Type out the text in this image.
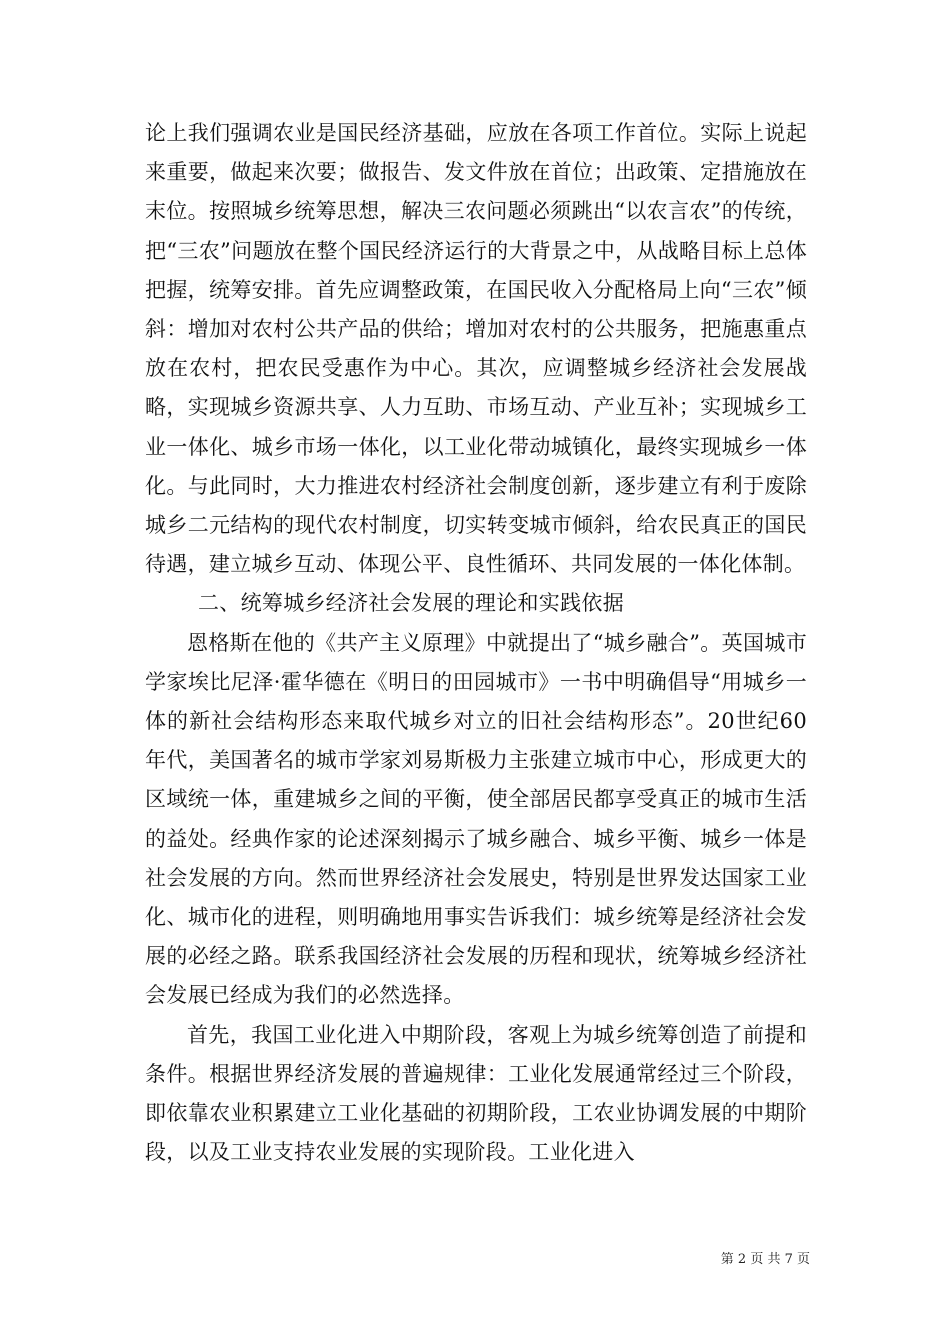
论上我们强调农业是国民经济基础，应放在各项工作首位。实际上说起来重要，做起来次要；做报告、发文件放在首位；出政策、定措施放在末位。按照城乡统筹思想，解决三农问题必须跳出“以农言农”的传统，把“三农”问题放在整个国民经济运行的大背景之中，从战略目标上总体把握，统筹安排。首先应调整政策，在国民收入分配格局上向“三农”倾斜：增加对农村公共产品的供给；增加对农村的公共服务，把施惠重点放在农村，把农民受惠作为中心。其次，应调整城乡经济社会发展战略，实现城乡资源共享、人力互助、市场互动、产业互补；实现城乡工业一体化、城乡市场一体化，以工业化带动城镇化，最终实现城乡一体化。与此同时，大力推进农村经济社会制度创新，逐步建立有利于废除城乡二元结构的现代农村制度，切实转变城市倾斜，给农民真正的国民待遇，建立城乡互动、体现公平、良性循环、共同发展的一体化体制。

二、统筹城乡经济社会发展的理论和实践依据

恩格斯在他的《共产主义原理》中就提出了“城乡融合”。英国城市学家埃比尼泽·霍华德在《明日的田园城市》一书中明确倡导“用城乡一体的新社会结构形态来取代城乡对立的旧社会结构形态”。20世纪60年代，美国著名的城市学家刘易斯极力主张建立城市中心，形成更大的区域统一体，重建城乡之间的平衡，使全部居民都享受真正的城市生活的益处。经典作家的论述深刻揭示了城乡融合、城乡平衡、城乡一体是社会发展的方向。然而世界经济社会发展史，特别是世界发达国家工业化、城市化的进程，则明确地用事实告诉我们：城乡统筹是经济社会发展的必经之路。联系我国经济社会发展的历程和现状，统筹城乡经济社会发展已经成为我们的必然选择。

首先，我国工业化进入中期阶段，客观上为城乡统筹创造了前提和条件。根据世界经济发展的普遍规律：工业化发展通常经过三个阶段，即依靠农业积累建立工业化基础的初期阶段，工农业协调发展的中期阶段，以及工业支持农业发展的实现阶段。工业化进入

第 2 页 共 7 页
